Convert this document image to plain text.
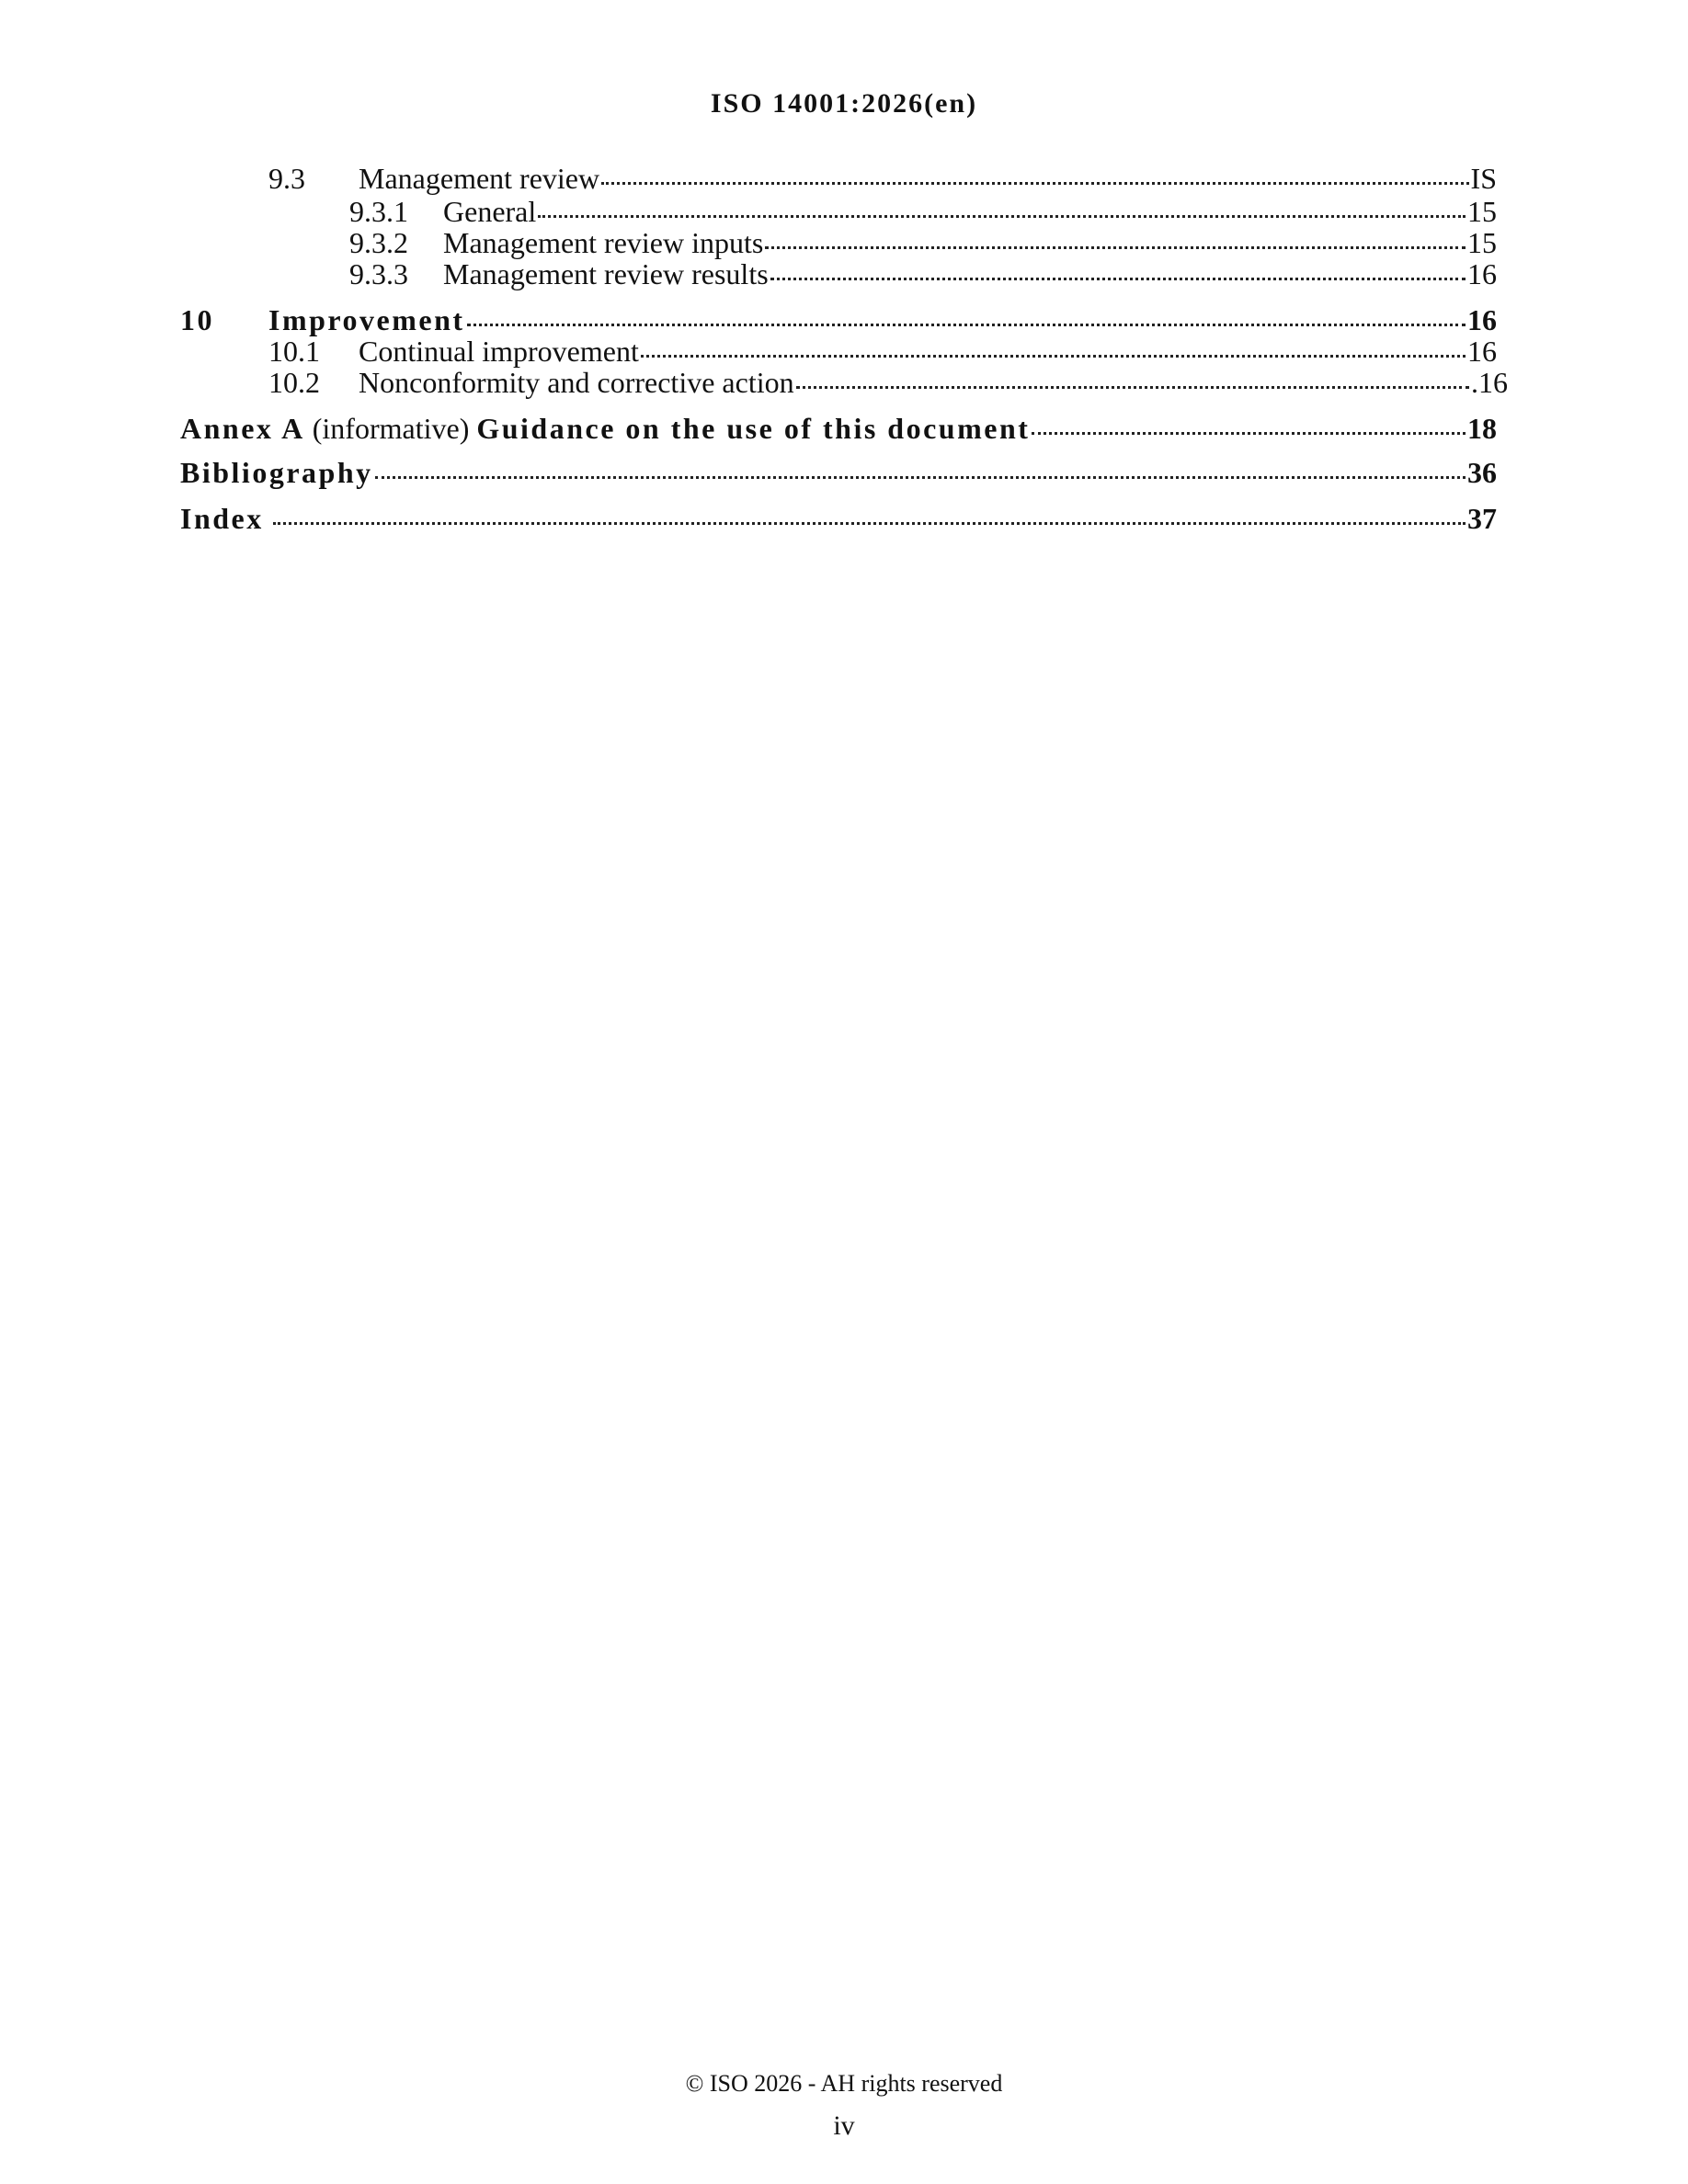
ISO 14001:2026(en)
9.3	Management review	IS
9.3.1	General	15
9.3.2	Management review inputs	15
9.3.3	Management review results	16
10	Improvement	16
10.1	Continual improvement	16
10.2	Nonconformity and corrective action	.16
Annex A (informative) Guidance on the use of this document	18
Bibliography	36
Index	37
© ISO 2026 - AH rights reserved
iv
